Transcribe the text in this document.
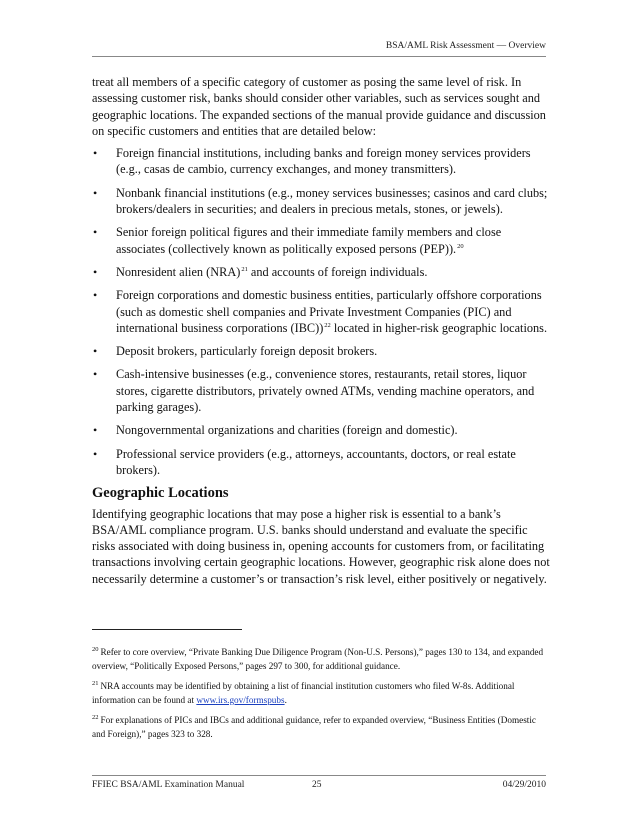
BSA/AML Risk Assessment — Overview

treat all members of a specific category of customer as posing the same level of risk. In assessing customer risk, banks should consider other variables, such as services sought and geographic locations. The expanded sections of the manual provide guidance and discussion on specific customers and entities that are detailed below:

• Foreign financial institutions, including banks and foreign money services providers (e.g., casas de cambio, currency exchanges, and money transmitters).
• Nonbank financial institutions (e.g., money services businesses; casinos and card clubs; brokers/dealers in securities; and dealers in precious metals, stones, or jewels).
• Senior foreign political figures and their immediate family members and close associates (collectively known as politically exposed persons (PEP)).$^{20}$
• Nonresident alien (NRA)$^{21}$ and accounts of foreign individuals.
• Foreign corporations and domestic business entities, particularly offshore corporations (such as domestic shell companies and Private Investment Companies (PIC) and international business corporations (IBC))$^{22}$ located in higher-risk geographic locations.
• Deposit brokers, particularly foreign deposit brokers.
• Cash-intensive businesses (e.g., convenience stores, restaurants, retail stores, liquor stores, cigarette distributors, privately owned ATMs, vending machine operators, and parking garages).
• Nongovernmental organizations and charities (foreign and domestic).
• Professional service providers (e.g., attorneys, accountants, doctors, or real estate brokers).
Geographic Locations

Identifying geographic locations that may pose a higher risk is essential to a bank’s BSA/AML compliance program. U.S. banks should understand and evaluate the specific risks associated with doing business in, opening accounts for customers from, or facilitating transactions involving certain geographic locations. However, geographic risk alone does not necessarily determine a customer’s or transaction’s risk level, either positively or negatively.

$^{20}$ Refer to core overview, “Private Banking Due Diligence Program (Non-U.S. Persons),” pages 130 to 134, and expanded overview, “Politically Exposed Persons,” pages 297 to 300, for additional guidance.

$^{21}$ NRA accounts may be identified by obtaining a list of financial institution customers who filed W-8s. Additional information can be found at www.irs.gov/formspubs.

$^{22}$ For explanations of PICs and IBCs and additional guidance, refer to expanded overview, “Business Entities (Domestic and Foreign),” pages 323 to 328.

FFIEC BSA/AML Examination Manual	25	04/29/2010
